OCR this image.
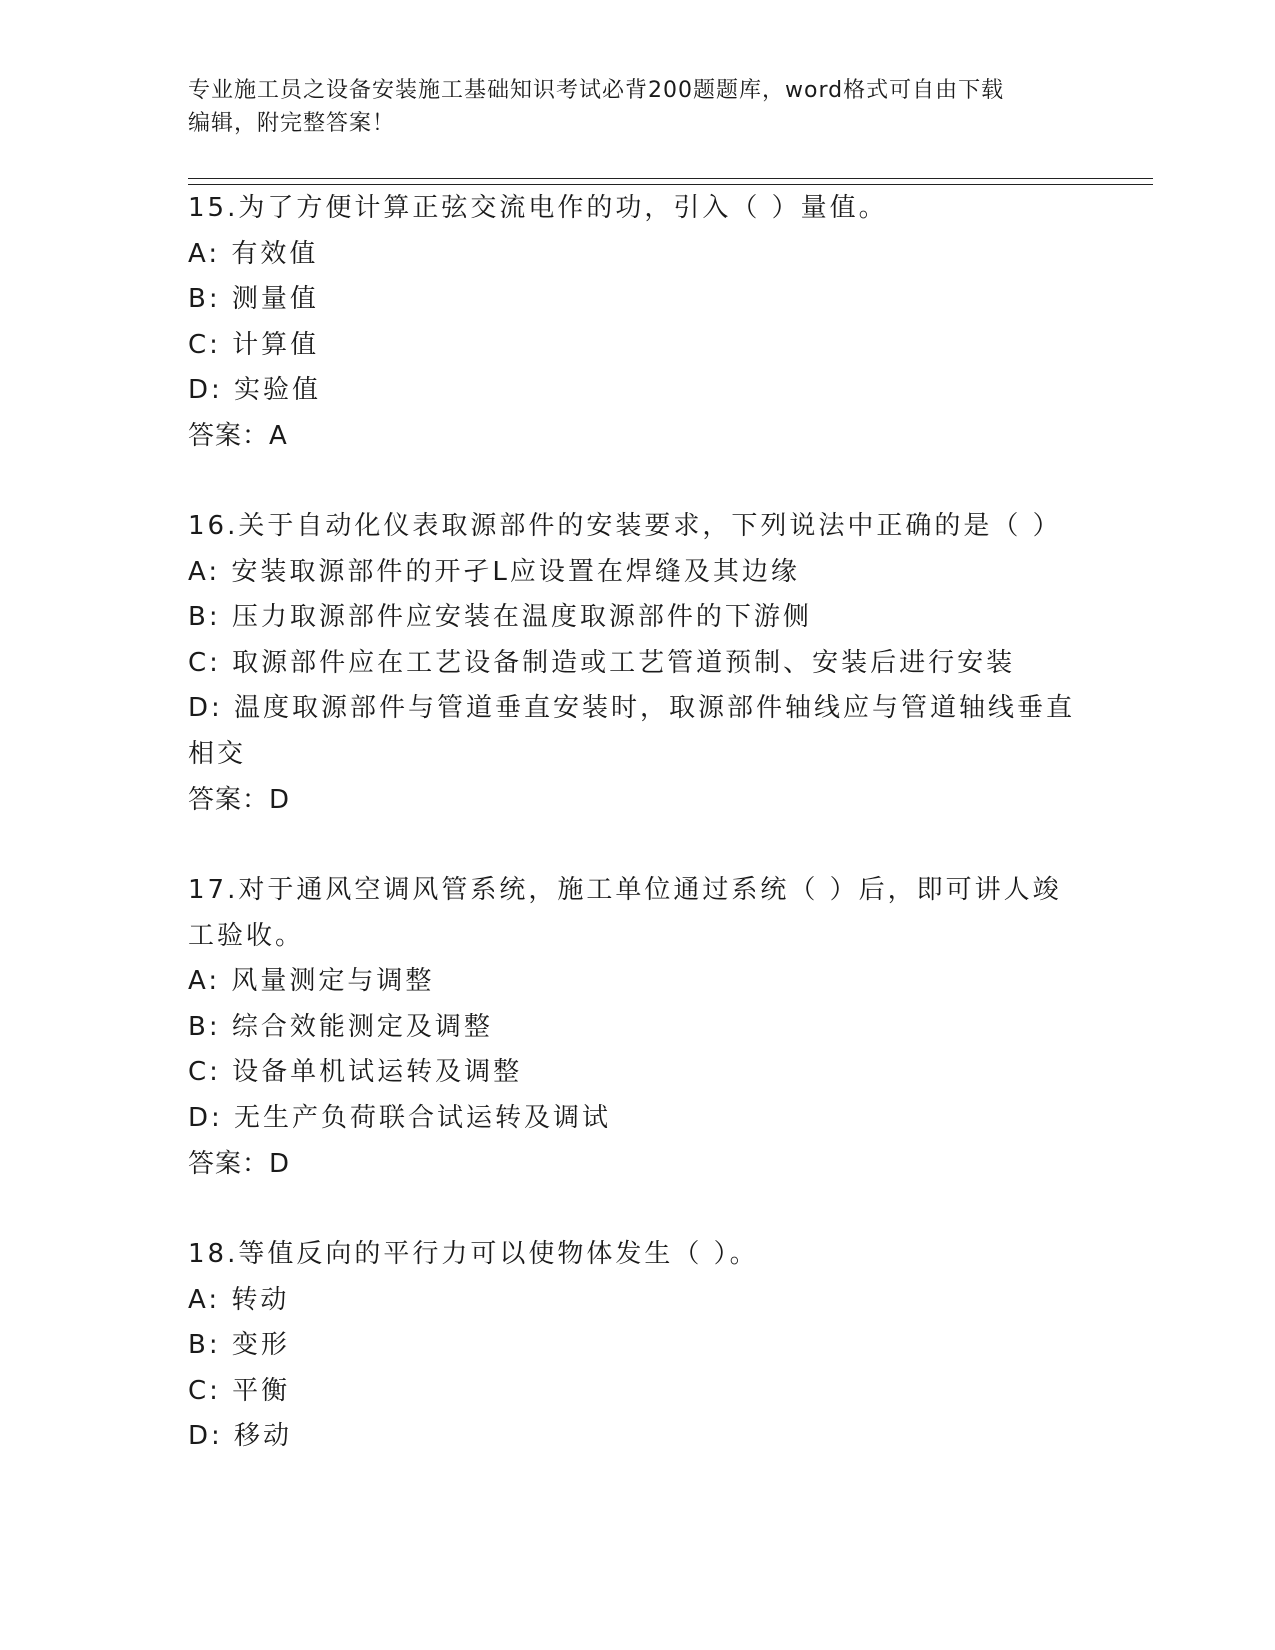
专业施工员之设备安装施工基础知识考试必背200题题库，word格式可自由下载
编辑，附完整答案！
15.为了方便计算正弦交流电作的功，引入（ ）量值。
A: 有效值
B: 测量值
C: 计算值
D: 实验值
答案：A
16.关于自动化仪表取源部件的安装要求，下列说法中正确的是（ ）
A: 安装取源部件的开孑L应设置在焊缝及其边缘
B: 压力取源部件应安装在温度取源部件的下游侧
C: 取源部件应在工艺设备制造或工艺管道预制、安装后进行安装
D: 温度取源部件与管道垂直安装时，取源部件轴线应与管道轴线垂直
相交
答案：D
17.对于通风空调风管系统，施工单位通过系统（ ）后，即可讲人竣
工验收。
A: 风量测定与调整
B: 综合效能测定及调整
C: 设备单机试运转及调整
D: 无生产负荷联合试运转及调试
答案：D
18.等值反向的平行力可以使物体发生（ ）。
A: 转动
B: 变形
C: 平衡
D: 移动
